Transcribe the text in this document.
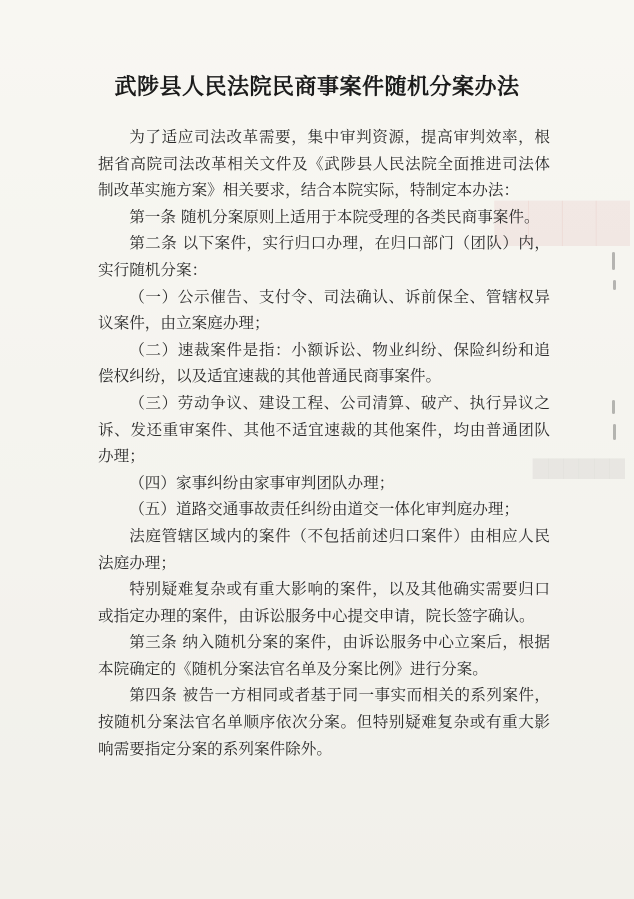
▇▇▇▇
▇▇▇▇▇▇
武陟县人民法院民商事案件随机分案办法

为了适应司法改革需要，集中审判资源，提高审判效率，根据省高院司法改革相关文件及《武陟县人民法院全面推进司法体制改革实施方案》相关要求，结合本院实际，特制定本办法：

第一条 随机分案原则上适用于本院受理的各类民商事案件。

第二条 以下案件，实行归口办理，在归口部门（团队）内，实行随机分案：

（一）公示催告、支付令、司法确认、诉前保全、管辖权异议案件，由立案庭办理；

（二）速裁案件是指：小额诉讼、物业纠纷、保险纠纷和追偿权纠纷，以及适宜速裁的其他普通民商事案件。

（三）劳动争议、建设工程、公司清算、破产、执行异议之诉、发还重审案件、其他不适宜速裁的其他案件，均由普通团队办理；

（四）家事纠纷由家事审判团队办理；

（五）道路交通事故责任纠纷由道交一体化审判庭办理；

法庭管辖区域内的案件（不包括前述归口案件）由相应人民法庭办理；

特别疑难复杂或有重大影响的案件，以及其他确实需要归口或指定办理的案件，由诉讼服务中心提交申请，院长签字确认。

第三条 纳入随机分案的案件，由诉讼服务中心立案后，根据本院确定的《随机分案法官名单及分案比例》进行分案。

第四条 被告一方相同或者基于同一事实而相关的系列案件，按随机分案法官名单顺序依次分案。但特别疑难复杂或有重大影响需要指定分案的系列案件除外。
